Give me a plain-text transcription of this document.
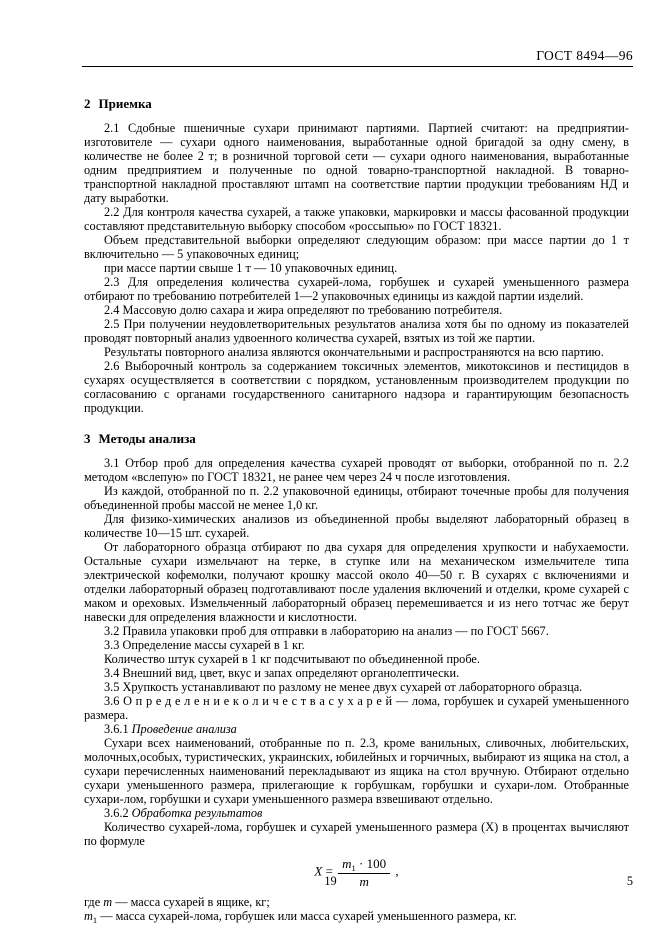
ГОСТ 8494—96
2 Приемка

2.1 Сдобные пшеничные сухари принимают партиями. Партией считают: на предприятии-изготовителе — сухари одного наименования, выработанные одной бригадой за одну смену, в количестве не более 2 т; в розничной торговой сети — сухари одного наименования, выработанные одним предприятием и полученные по одной товарно-транспортной накладной. В товарно-транспортной накладной проставляют штамп на соответствие партии продукции требованиям НД и дату выработки.

2.2 Для контроля качества сухарей, а также упаковки, маркировки и массы фасованной продукции составляют представительную выборку способом «россыпью» по ГОСТ 18321.

Объем представительной выборки определяют следующим образом: при массе партии до 1 т включительно — 5 упаковочных единиц;

при массе партии свыше 1 т — 10 упаковочных единиц.

2.3 Для определения количества сухарей-лома, горбушек и сухарей уменьшенного размера отбирают по требованию потребителей 1—2 упаковочных единицы из каждой партии изделий.

2.4 Массовую долю сахара и жира определяют по требованию потребителя.

2.5 При получении неудовлетворительных результатов анализа хотя бы по одному из показателей проводят повторный анализ удвоенного количества сухарей, взятых из той же партии.

Результаты повторного анализа являются окончательными и распространяются на всю партию.

2.6 Выборочный контроль за содержанием токсичных элементов, микотоксинов и пестицидов в сухарях осуществляется в соответствии с порядком, установленным производителем продукции по согласованию с органами государственного санитарного надзора и гарантирующим безопасность продукции.

3 Методы анализа

3.1 Отбор проб для определения качества сухарей проводят от выборки, отобранной по п. 2.2 методом «вслепую» по ГОСТ 18321, не ранее чем через 24 ч после изготовления.

Из каждой, отобранной по п. 2.2 упаковочной единицы, отбирают точечные пробы для получения объединенной пробы массой не менее 1,0 кг.

Для физико-химических анализов из объединенной пробы выделяют лабораторный образец в количестве 10—15 шт. сухарей.

От лабораторного образца отбирают по два сухаря для определения хрупкости и набухаемости. Остальные сухари измельчают на терке, в ступке или на механическом измельчителе типа электрической кофемолки, получают крошку массой около 40—50 г. В сухарях с включениями и отделки лабораторный образец подготавливают после удаления включений и отделки, кроме сухарей с маком и ореховых. Измельченный лабораторный образец перемешивается и из него тотчас же берут навески для определения влажности и кислотности.

3.2 Правила упаковки проб для отправки в лабораторию на анализ — по ГОСТ 5667.

3.3 Определение массы сухарей в 1 кг.

Количество штук сухарей в 1 кг подсчитывают по объединенной пробе.

3.4 Внешний вид, цвет, вкус и запах определяют органолептически.

3.5 Хрупкость устанавливают по разлому не менее двух сухарей от лабораторного образца.

3.6 О п р е д е л е н и е к о л и ч е с т в а с у х а р е й — лома, горбушек и сухарей уменьшенного размера.

3.6.1 Проведение анализа

Сухари всех наименований, отобранные по п. 2.3, кроме ванильных, сливочных, любительских, молочных,особых, туристических, украинских, юбилейных и горчичных, выбирают из ящика на стол, а сухари перечисленных наименований перекладывают из ящика на стол вручную. Отбирают отдельно сухари уменьшенного размера, прилегающие к горбушкам, горбушки и сухари-лом. Отобранные сухари-лом, горбушки и сухари уменьшенного размера взвешивают отдельно.

3.6.2 Обработка результатов

Количество сухарей-лома, горбушек и сухарей уменьшенного размера (X) в процентах вычисляют по формуле

$X = \frac{m_1 \cdot 100}{m}$ ,

где m — масса сухарей в ящике, кг;

$m_1$ — масса сухарей-лома, горбушек или масса сухарей уменьшенного размера, кг.

19	5
